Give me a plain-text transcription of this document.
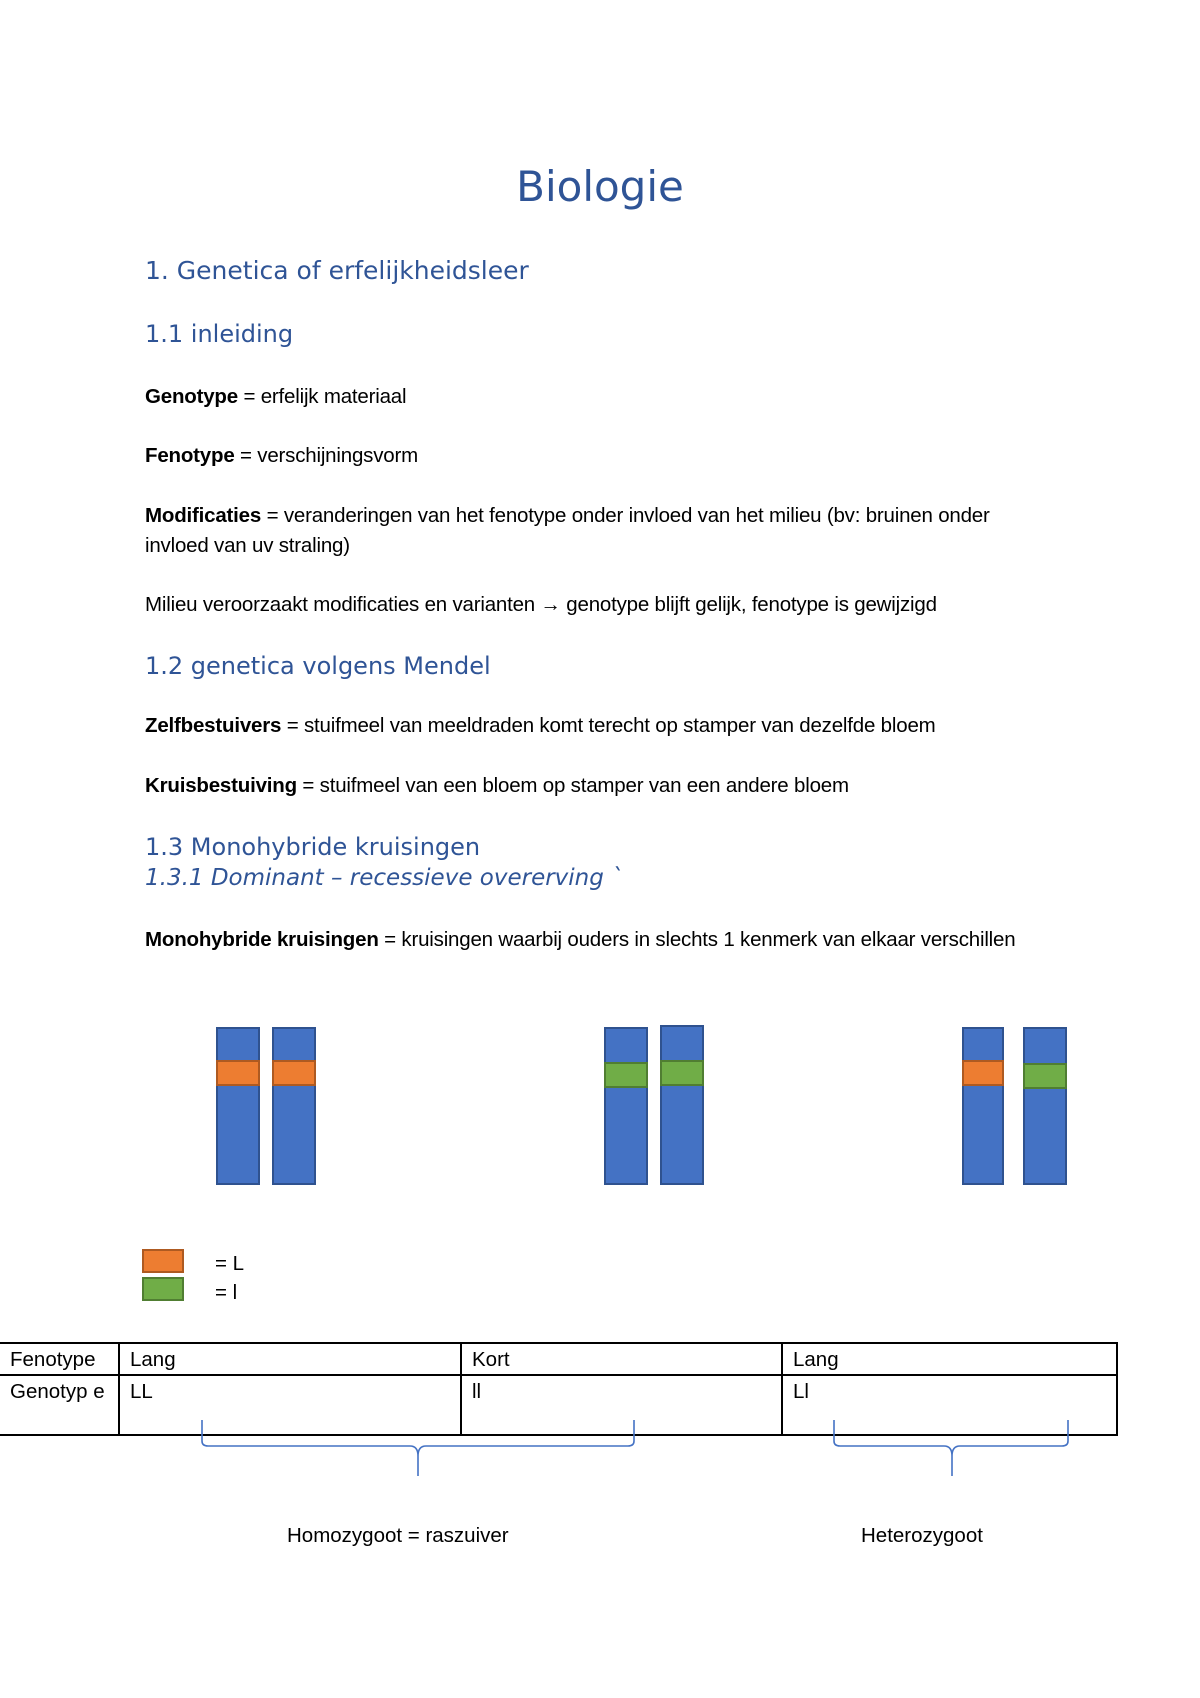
Biologie
1. Genetica of erfelijkheidsleer
1.1 inleiding
Genotype = erfelijk materiaal
Fenotype = verschijningsvorm
Modificaties = veranderingen van het fenotype onder invloed van het milieu (bv: bruinen onder invloed van uv straling)
Milieu veroorzaakt modificaties en varianten → genotype blijft gelijk, fenotype is gewijzigd
1.2 genetica volgens Mendel
Zelfbestuivers = stuifmeel van meeldraden komt terecht op stamper van dezelfde bloem
Kruisbestuiving = stuifmeel van een bloem op stamper van een andere bloem
1.3 Monohybride kruisingen
1.3.1 Dominant – recessieve overerving `
Monohybride kruisingen = kruisingen waarbij ouders in slechts 1 kenmerk van elkaar verschillen
= L
= l
Fenotype	Lang	Kort	Lang
Genotyp e	LL	ll	Ll
Homozygoot = raszuiver	Heterozygoot
